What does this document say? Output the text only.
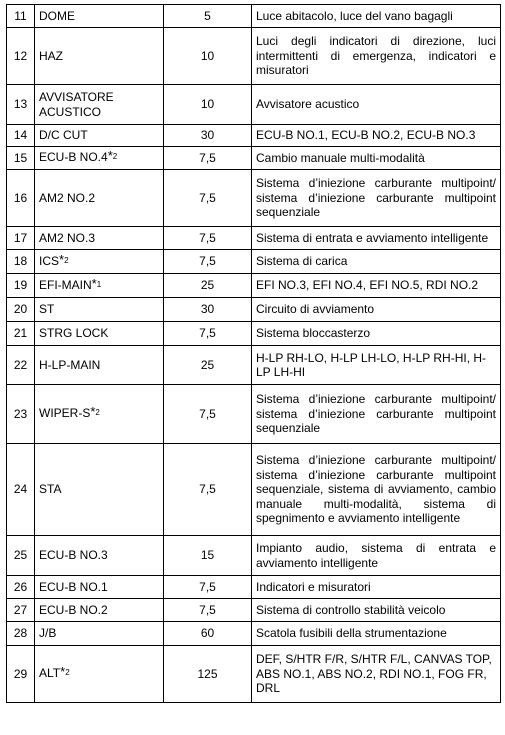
11	DOME	5	Luce abitacolo, luce del vano bagagli
12	HAZ	10	Luci degli indicatori di direzione, luci intermittenti di emergenza, indicatori e misuratori
13	AVVISATORE ACUSTICO	10	Avvisatore acustico
14	D/C CUT	30	ECU-B NO.1, ECU-B NO.2, ECU-B NO.3
15	ECU-B NO.4$^{*2}$	7,5	Cambio manuale multi-modalità
16	AM2 NO.2	7,5	Sistema d’iniezione carburante multipoint/ sistema d’iniezione carburante multipoint sequenziale
17	AM2 NO.3	7,5	Sistema di entrata e avviamento intelligente
18	ICS$^{*2}$	7,5	Sistema di carica
19	EFI-MAIN$^{*1}$	25	EFI NO.3, EFI NO.4, EFI NO.5, RDI NO.2
20	ST	30	Circuito di avviamento
21	STRG LOCK	7,5	Sistema bloccasterzo
22	H-LP-MAIN	25	H-LP RH-LO, H-LP LH-LO, H-LP RH-HI, H-LP LH-HI
23	WIPER-$S^{*2}$	7,5	Sistema d’iniezione carburante multipoint/ sistema d’iniezione carburante multipoint sequenziale
24	STA	7,5	Sistema d’iniezione carburante multipoint/ sistema d’iniezione carburante multipoint sequenziale, sistema di avviamento, cambio manuale multi-modalità, sistema di spegnimento e avviamento intelligente
25	ECU-B NO.3	15	Impianto audio, sistema di entrata e avviamento intelligente
26	ECU-B NO.1	7,5	Indicatori e misuratori
27	ECU-B NO.2	7,5	Sistema di controllo stabilità veicolo
28	J/B	60	Scatola fusibili della strumentazione
29	ALT$^{*2}$	125	DEF, S/HTR F/R, S/HTR F/L, CANVAS TOP, ABS NO.1, ABS NO.2, RDI NO.1, FOG FR, DRL
